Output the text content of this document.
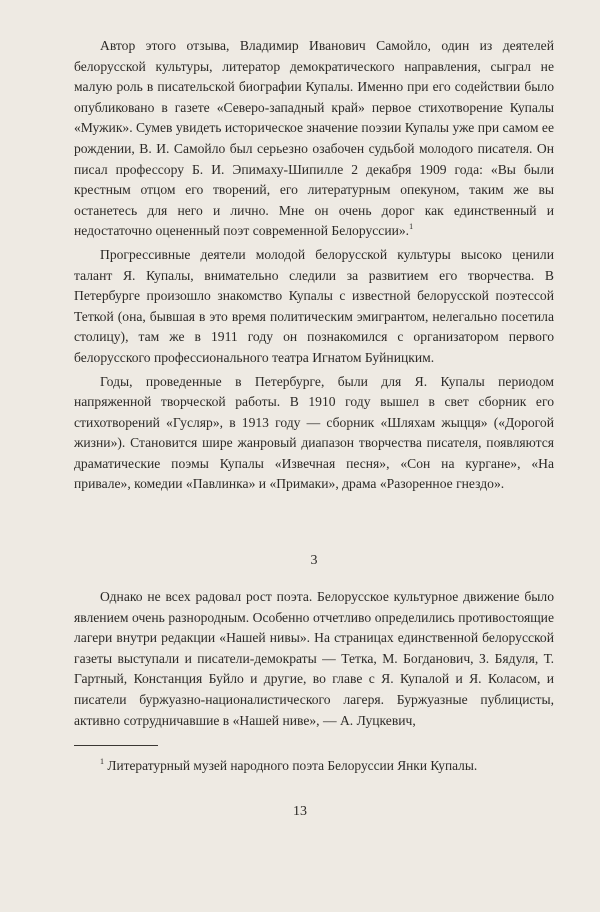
Автор этого отзыва, Владимир Иванович Самойло, один из деятелей белорусской культуры, литератор демократического направления, сыграл не малую роль в писательской биографии Купалы. Именно при его содействии было опубликовано в газете «Северо-западный край» первое стихотворение Купалы «Мужик». Сумев увидеть историческое значение поэзии Купалы уже при самом ее рождении, В. И. Самойло был серьезно озабочен судьбой молодого писателя. Он писал профессору Б. И. Эпимаху-Шипилле 2 декабря 1909 года: «Вы были крестным отцом его творений, его литературным опекуном, таким же вы останетесь для него и лично. Мне он очень дорог как единственный и недостаточно оцененный поэт современной Белоруссии».$^1$

Прогрессивные деятели молодой белорусской культуры высоко ценили талант Я. Купалы, внимательно следили за развитием его творчества. В Петербурге произошло знакомство Купалы с известной белорусской поэтессой Теткой (она, бывшая в это время политическим эмигрантом, нелегально посетила столицу), там же в 1911 году он познакомился с организатором первого белорусского профессионального театра Игнатом Буйницким.

Годы, проведенные в Петербурге, были для Я. Купалы периодом напряженной творческой работы. В 1910 году вышел в свет сборник его стихотворений «Гусляр», в 1913 году — сборник «Шляхам жыцця» («Дорогой жизни»). Становится шире жанровый диапазон творчества писателя, появляются драматические поэмы Купалы «Извечная песня», «Сон на кургане», «На привале», комедии «Павлинка» и «Примаки», драма «Разоренное гнездо».

3

Однако не всех радовал рост поэта. Белорусское культурное движение было явлением очень разнородным. Особенно отчетливо определились противостоящие лагери внутри редакции «Нашей нивы». На страницах единственной белорусской газеты выступали и писатели-демократы — Тетка, М. Богданович, З. Бядуля, Т. Гартный, Констанция Буйло и другие, во главе с Я. Купалой и Я. Коласом, и писатели буржуазно-националистического лагеря. Буржуазные публицисты, активно сотрудничавшие в «Нашей ниве», — А. Луцкевич,

$^1$ Литературный музей народного поэта Белоруссии Янки Купалы.
13
